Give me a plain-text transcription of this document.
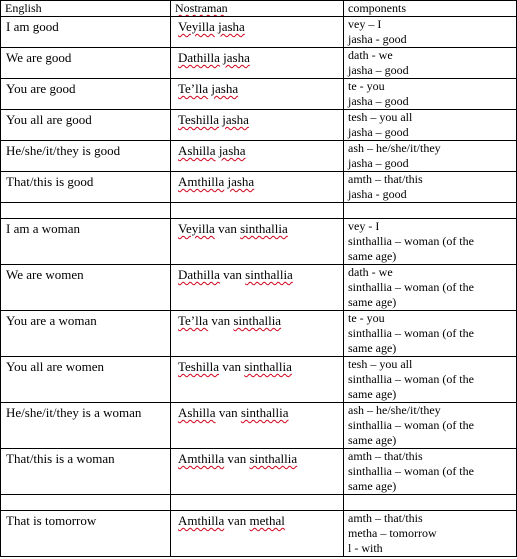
English	Nostraman	components
I am good	Veyilla jasha	vey – I
jasha - good

We are good	Dathilla jasha	dath - we
jasha – good

You are good	Te’lla jasha	te - you
jasha – good

You all are good	Teshilla jasha	tesh – you all
jasha – good

He/she/it/they is good	Ashilla jasha	ash – he/she/it/they
jasha – good

That/this is good	Amthilla jasha	amth – that/this
jasha - good

I am a woman	Veyilla van sinthallia	vey - I
sinthallia – woman (of the
same age)

We are women	Dathilla van sinthallia	dath - we
sinthallia – woman (of the
same age)

You are a woman	Te’lla van sinthallia	te - you
sinthallia – woman (of the
same age)

You all are women	Teshilla van sinthallia	tesh – you all
sinthallia – woman (of the
same age)

He/she/it/they is a woman	Ashilla van sinthallia	ash – he/she/it/they
sinthallia – woman (of the
same age)

That/this is a woman	Amthilla van sinthallia	amth – that/this
sinthallia – woman (of the
same age)

That is tomorrow	Amthilla van methal	amth – that/this
metha – tomorrow
l - with
